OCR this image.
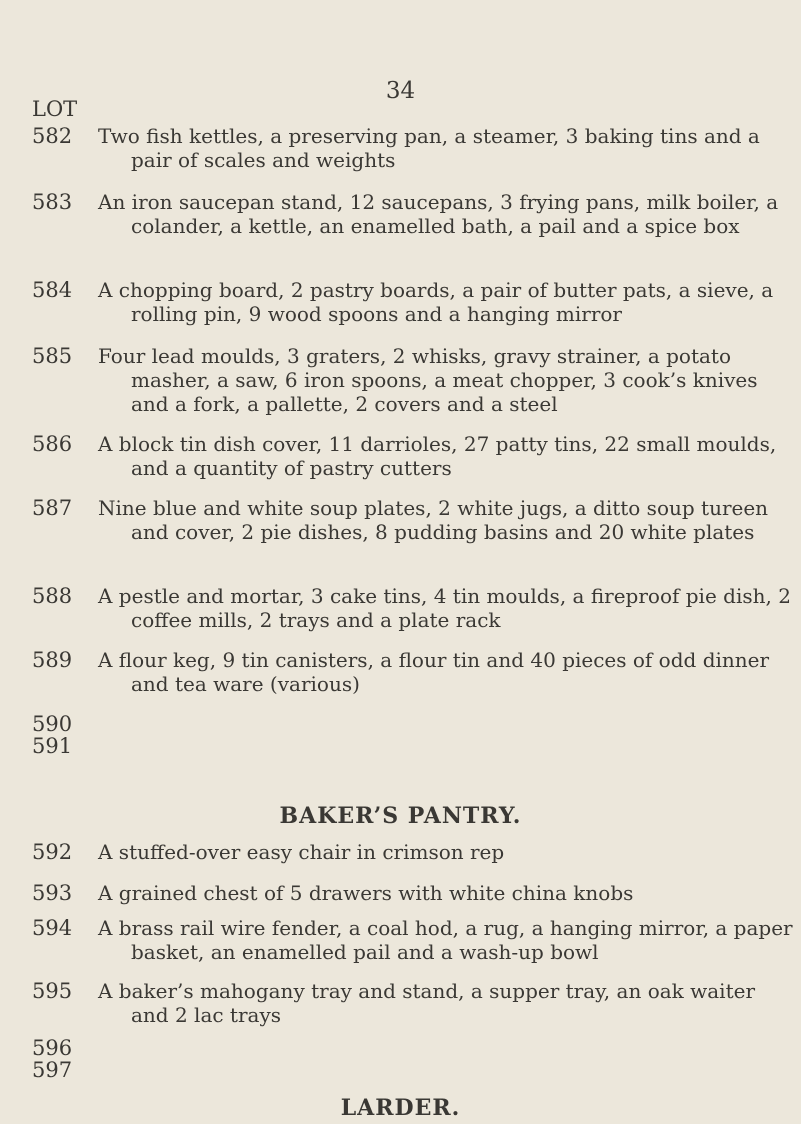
34
LOT
582 Two fish kettles, a preserving pan, a steamer, 3 baking tins and a pair of scales and weights
583 An iron saucepan stand, 12 saucepans, 3 frying pans, milk boiler, a colander, a kettle, an enamelled bath, a pail and a spice box
584 A chopping board, 2 pastry boards, a pair of butter pats, a sieve, a rolling pin, 9 wood spoons and a hanging mirror
585 Four lead moulds, 3 graters, 2 whisks, gravy strainer, a potato masher, a saw, 6 iron spoons, a meat chopper, 3 cook’s knives and a fork, a pallette, 2 covers and a steel
586 A block tin dish cover, 11 darrioles, 27 patty tins, 22 small moulds, and a quantity of pastry cutters
587 Nine blue and white soup plates, 2 white jugs, a ditto soup tureen and cover, 2 pie dishes, 8 pudding basins and 20 white plates
588 A pestle and mortar, 3 cake tins, 4 tin moulds, a fireproof pie dish, 2 coffee mills, 2 trays and a plate rack
589 A flour keg, 9 tin canisters, a flour tin and 40 pieces of odd dinner and tea ware (various)
590
591
BAKER’S PANTRY.
592 A stuffed-over easy chair in crimson rep
593 A grained chest of 5 drawers with white china knobs
594 A brass rail wire fender, a coal hod, a rug, a hanging mirror, a paper basket, an enamelled pail and a wash-up bowl
595 A baker’s mahogany tray and stand, a supper tray, an oak waiter and 2 lac trays
596
597
LARDER.
